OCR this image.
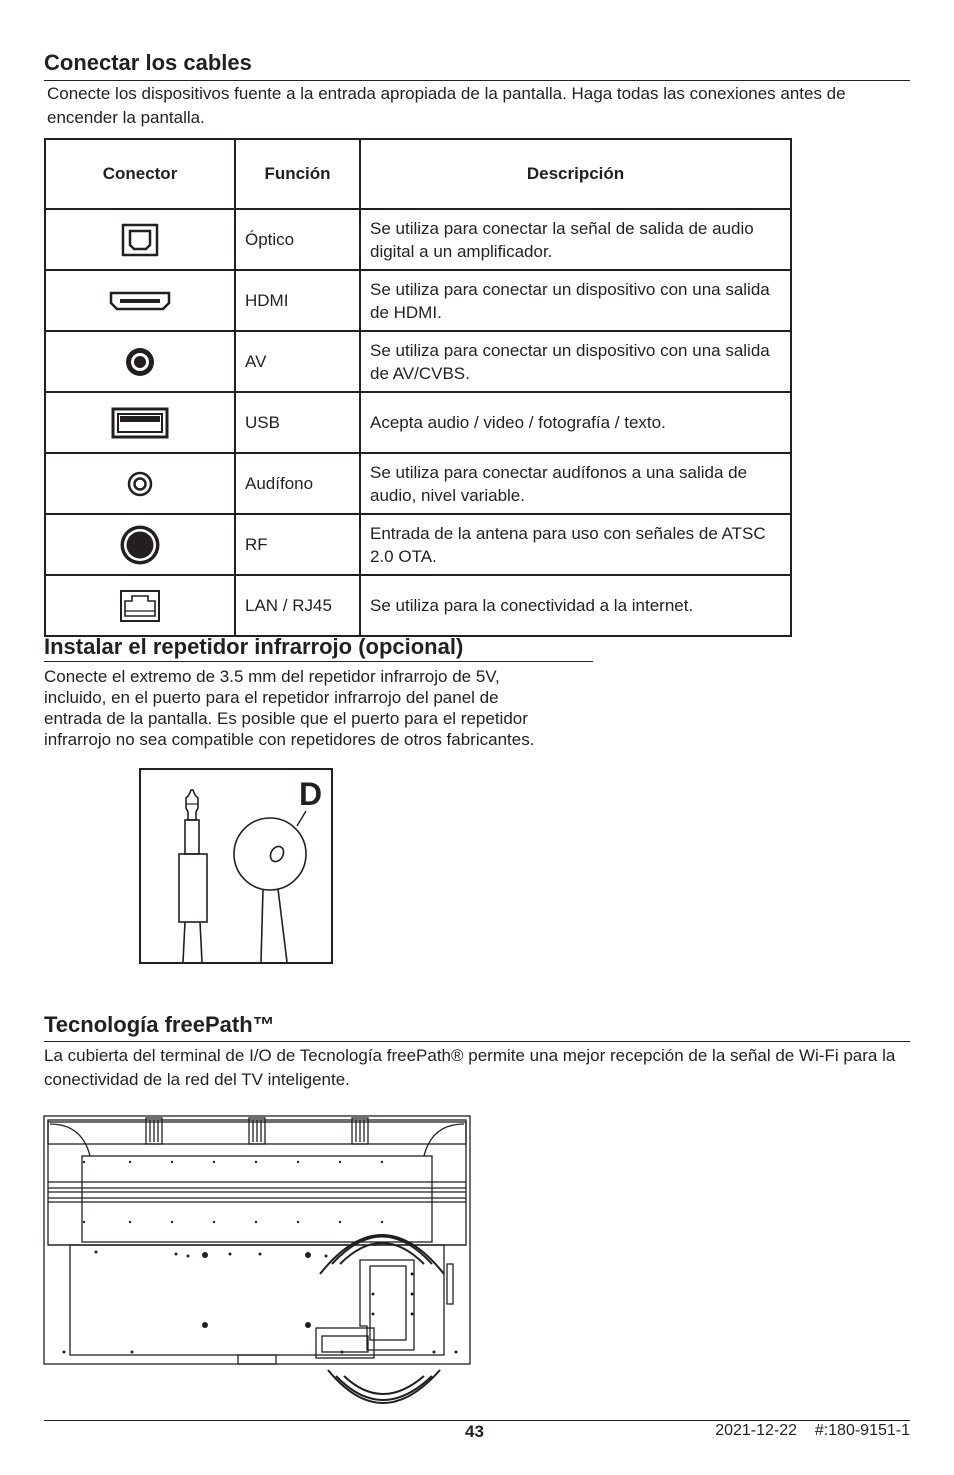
Conectar los cables

Conecte los dispositivos fuente a la entrada apropiada de la pantalla. Haga todas las conexiones antes de encender la pantalla.

Conector	Función	Descripción

	Óptico	Se utiliza para conectar la señal de salida de audio digital a un amplificador.

	HDMI	Se utiliza para conectar un dispositivo con una salida de HDMI.

	AV	Se utiliza para conectar un dispositivo con una salida de AV/CVBS.

	USB	Acepta audio / video / fotografía / texto.

	Audífono	Se utiliza para conectar audífonos a una salida de audio, nivel variable.

	RF	Entrada de la antena para uso con señales de ATSC 2.0 OTA.

	LAN / RJ45	Se utiliza para la conectividad a la internet.
Instalar el repetidor infrarrojo (opcional)
Conecte el extremo de 3.5 mm del repetidor infrarrojo de 5V,
incluido, en el puerto para el repetidor infrarrojo del panel de
entrada de la pantalla. Es posible que el puerto para el repetidor
infrarrojo no sea compatible con repetidores de otros fabricantes.
D
Tecnología freePath™

La cubierta del terminal de I/O de Tecnología freePath® permite una mejor recepción de la señal de Wi-Fi para la conectividad de la red del TV inteligente.

43	2021-12-22    #:180-9151-1
